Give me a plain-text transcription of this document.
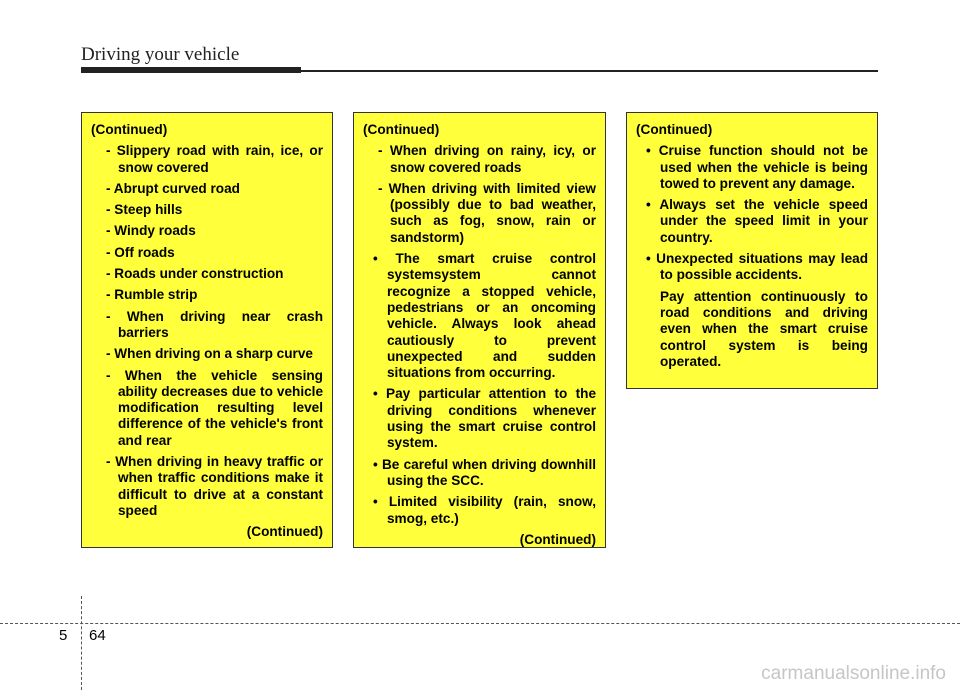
Driving your vehicle
(Continued)
- Slippery road with rain, ice, or snow covered
- Abrupt curved road
- Steep hills
- Windy roads
- Off roads
- Roads under construction
- Rumble strip
- When driving near crash barriers
- When driving on a sharp curve
- When the vehicle sensing ability decreases due to vehicle modification resulting level difference of the vehicle's front and rear
- When driving in heavy traffic or when traffic conditions make it difficult to drive at a constant speed
(Continued)
(Continued)
- When driving on rainy, icy, or snow covered roads
- When driving with limited view (possibly due to bad weather, such as fog, snow, rain or sandstorm)
• The smart cruise control systemsystem cannot recognize a stopped vehicle, pedestrians or an oncoming vehicle. Always look ahead cautiously to prevent unexpected and sudden situations from occurring.
• Pay particular attention to the driving conditions whenever using the smart cruise control system.
• Be careful when driving downhill using the SCC.
• Limited visibility (rain, snow, smog, etc.)
(Continued)
(Continued)
• Cruise function should not be used when the vehicle is being towed to prevent any damage.
• Always set the vehicle speed under the speed limit in your country.
• Unexpected situations may lead to possible accidents.
Pay attention continuously to road conditions and driving even when the smart cruise control system is being operated.
5 64
carmanualsonline.info
